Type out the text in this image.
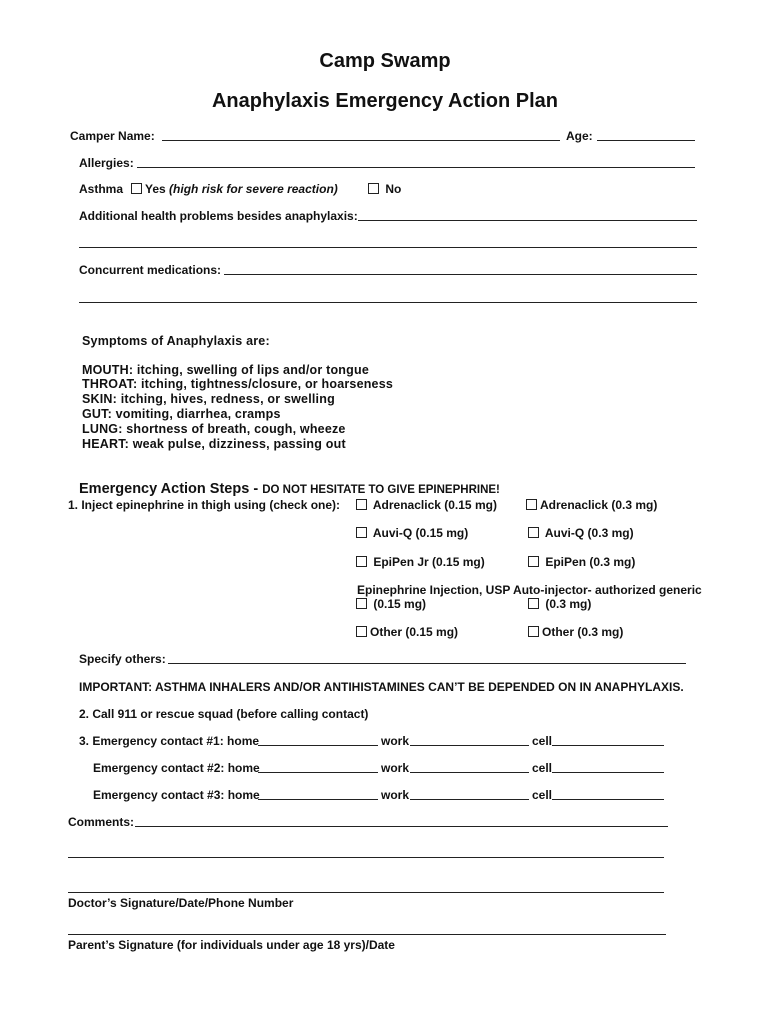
Camp Swamp
Anaphylaxis Emergency Action Plan
Camper Name:	Age:
Allergies:
Asthma	Yes (high risk for severe reaction)	No
Additional health problems besides anaphylaxis:
Concurrent medications:
Symptoms of Anaphylaxis are:
MOUTH: itching, swelling of lips and/or tongue
THROAT: itching, tightness/closure, or hoarseness
SKIN: itching, hives, redness, or swelling
GUT: vomiting, diarrhea, cramps
LUNG: shortness of breath, cough, wheeze
HEART: weak pulse, dizziness, passing out
Emergency Action Steps - DO NOT HESITATE TO GIVE EPINEPHRINE!
1. Inject epinephrine in thigh using (check one):	Adrenaclick (0.15 mg)	Adrenaclick (0.3 mg)
Auvi-Q (0.15 mg)	Auvi-Q (0.3 mg)
EpiPen Jr (0.15 mg)	EpiPen (0.3 mg)
Epinephrine Injection, USP Auto-injector- authorized generic
(0.15 mg)	(0.3 mg)
Other (0.15 mg)	Other (0.3 mg)
Specify others:
IMPORTANT: ASTHMA INHALERS AND/OR ANTIHISTAMINES CAN’T BE DEPENDED ON IN ANAPHYLAXIS.
2. Call 911 or rescue squad (before calling contact)
3. Emergency contact #1: home	work	cell
Emergency contact #2: home	work	cell
Emergency contact #3: home	work	cell
Comments:
Doctor’s Signature/Date/Phone Number
Parent’s Signature (for individuals under age 18 yrs)/Date
